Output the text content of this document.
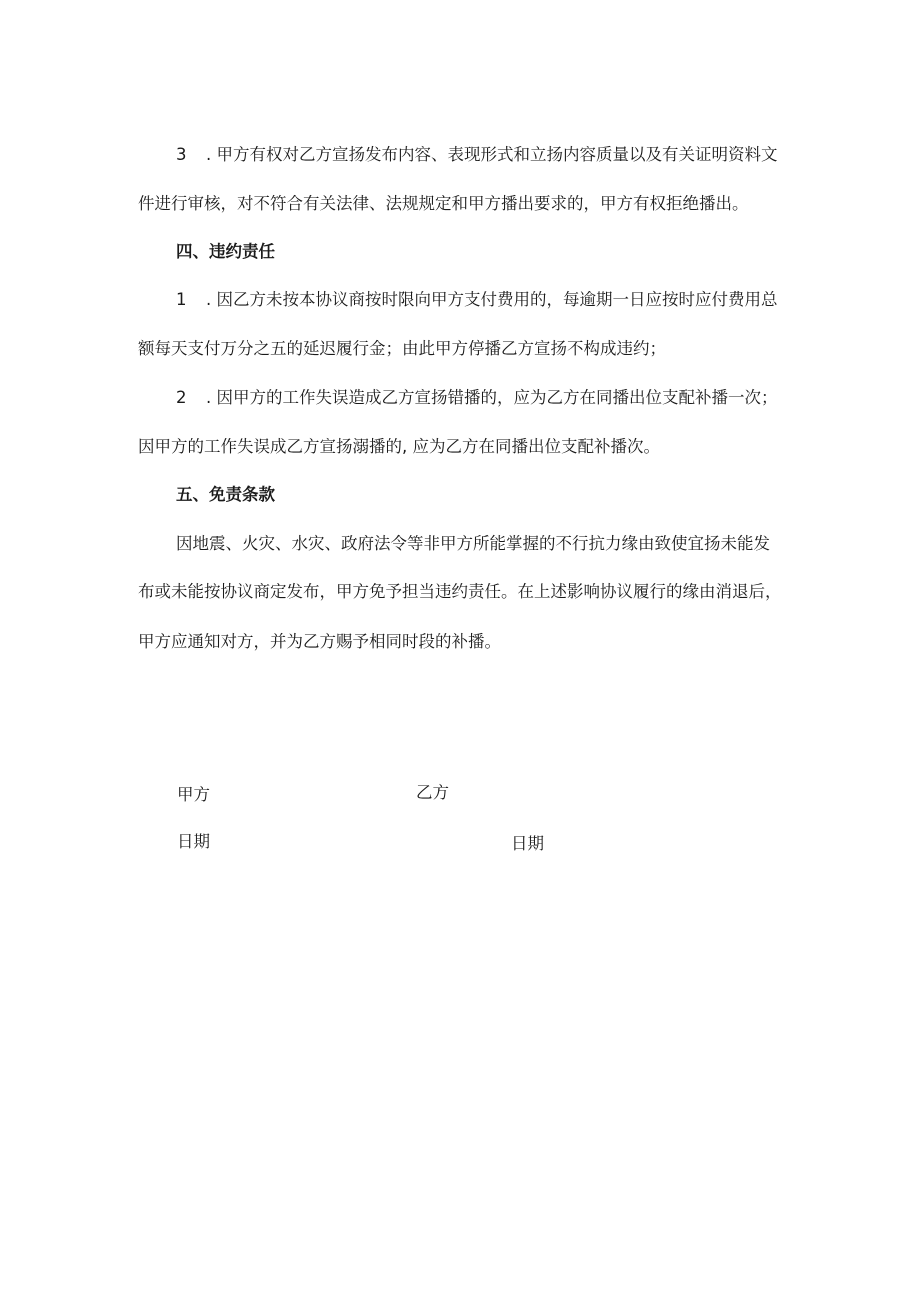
3 . 甲方有权对乙方宣扬发布内容、表现形式和立扬内容质量以及有关证明资料文
件进行审核，对不符合有关法律、法规规定和甲方播出要求的，甲方有权拒绝播出。
四、违约责任
1 . 因乙方未按本协议商按时限向甲方支付费用的，每逾期一日应按时应付费用总
额每天支付万分之五的延迟履行金；由此甲方停播乙方宣扬不构成违约；
2 . 因甲方的工作失误造成乙方宣扬错播的，应为乙方在同播出位支配补播一次；
因甲方的工作失误成乙方宣扬溺播的, 应为乙方在同播出位支配补播次。
五、免责条款
因地震、火灾、水灾、政府法令等非甲方所能掌握的不行抗力缘由致使宜扬未能发
布或未能按协议商定发布，甲方免予担当违约责任。在上述影响协议履行的缘由消退后，
甲方应通知对方，并为乙方赐予相同时段的补播。
甲方	乙方
日期	日期
